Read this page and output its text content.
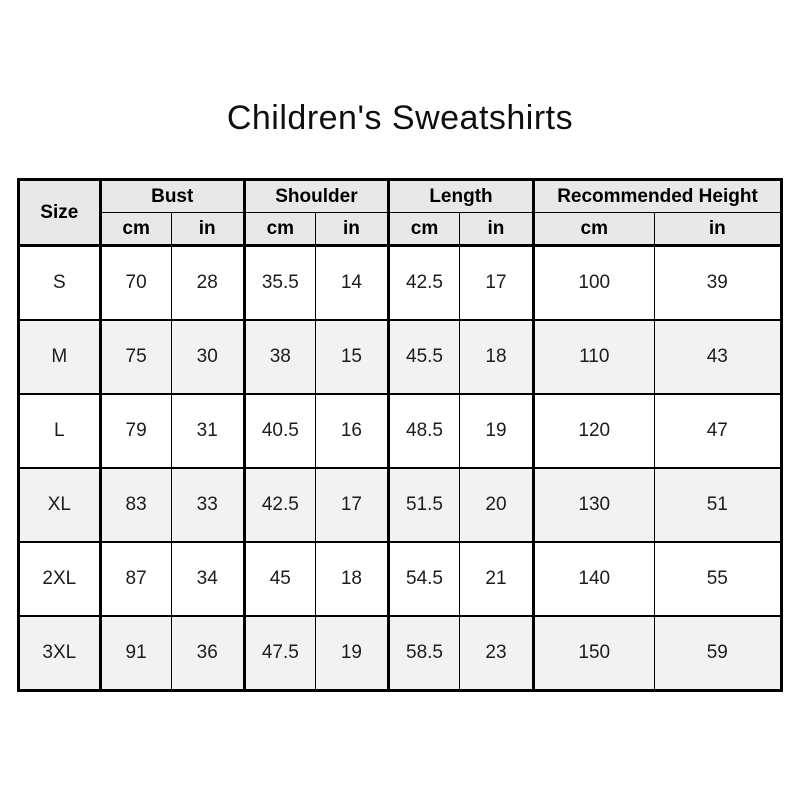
Children's Sweatshirts
Size	Bust		Shoulder		Length		Recommended Height	
	cm	in	cm	in	cm	in	cm	in
S	70	28	35.5	14	42.5	17	100	39
M	75	30	38	15	45.5	18	110	43
L	79	31	40.5	16	48.5	19	120	47
XL	83	33	42.5	17	51.5	20	130	51
2XL	87	34	45	18	54.5	21	140	55
3XL	91	36	47.5	19	58.5	23	150	59
